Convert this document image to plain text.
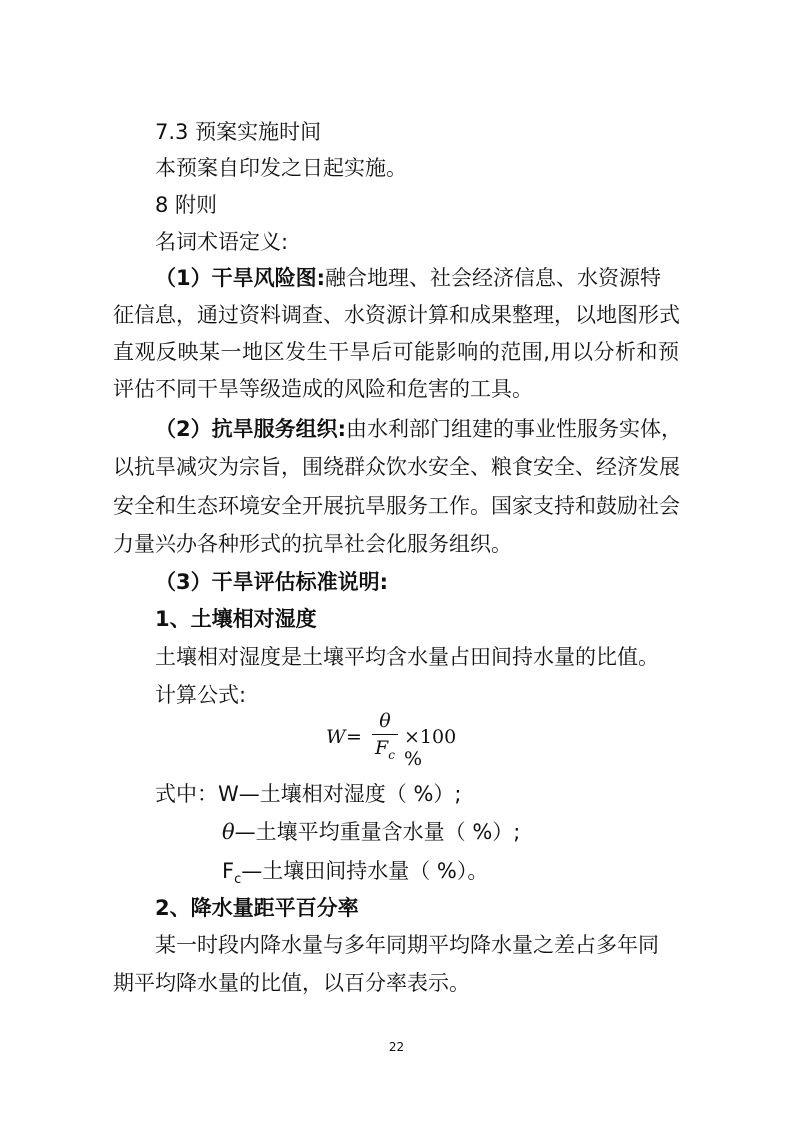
7.3 预案实施时间
本预案自印发之日起实施。
8 附则
名词术语定义:
（1）干旱风险图:融合地理、社会经济信息、水资源特
征信息，通过资料调查、水资源计算和成果整理，以地图形式
直观反映某一地区发生干旱后可能影响的范围,用以分析和预
评估不同干旱等级造成的风险和危害的工具。
（2）抗旱服务组织:由水利部门组建的事业性服务实体，
以抗旱减灾为宗旨，围绕群众饮水安全、粮食安全、经济发展
安全和生态环境安全开展抗旱服务工作。国家支持和鼓励社会
力量兴办各种形式的抗旱社会化服务组织。
（3）干旱评估标准说明:
1、土壤相对湿度
土壤相对湿度是土壤平均含水量占田间持水量的比值。
计算公式:
W =
θ
$F_c$
×100 %
式中：W—土壤相对湿度（ %）;
θ—土壤平均重量含水量（ %）;
$F_c—$土壤田间持水量（ %）。
2、降水量距平百分率
某一时段内降水量与多年同期平均降水量之差占多年同
期平均降水量的比值，以百分率表示。
22
